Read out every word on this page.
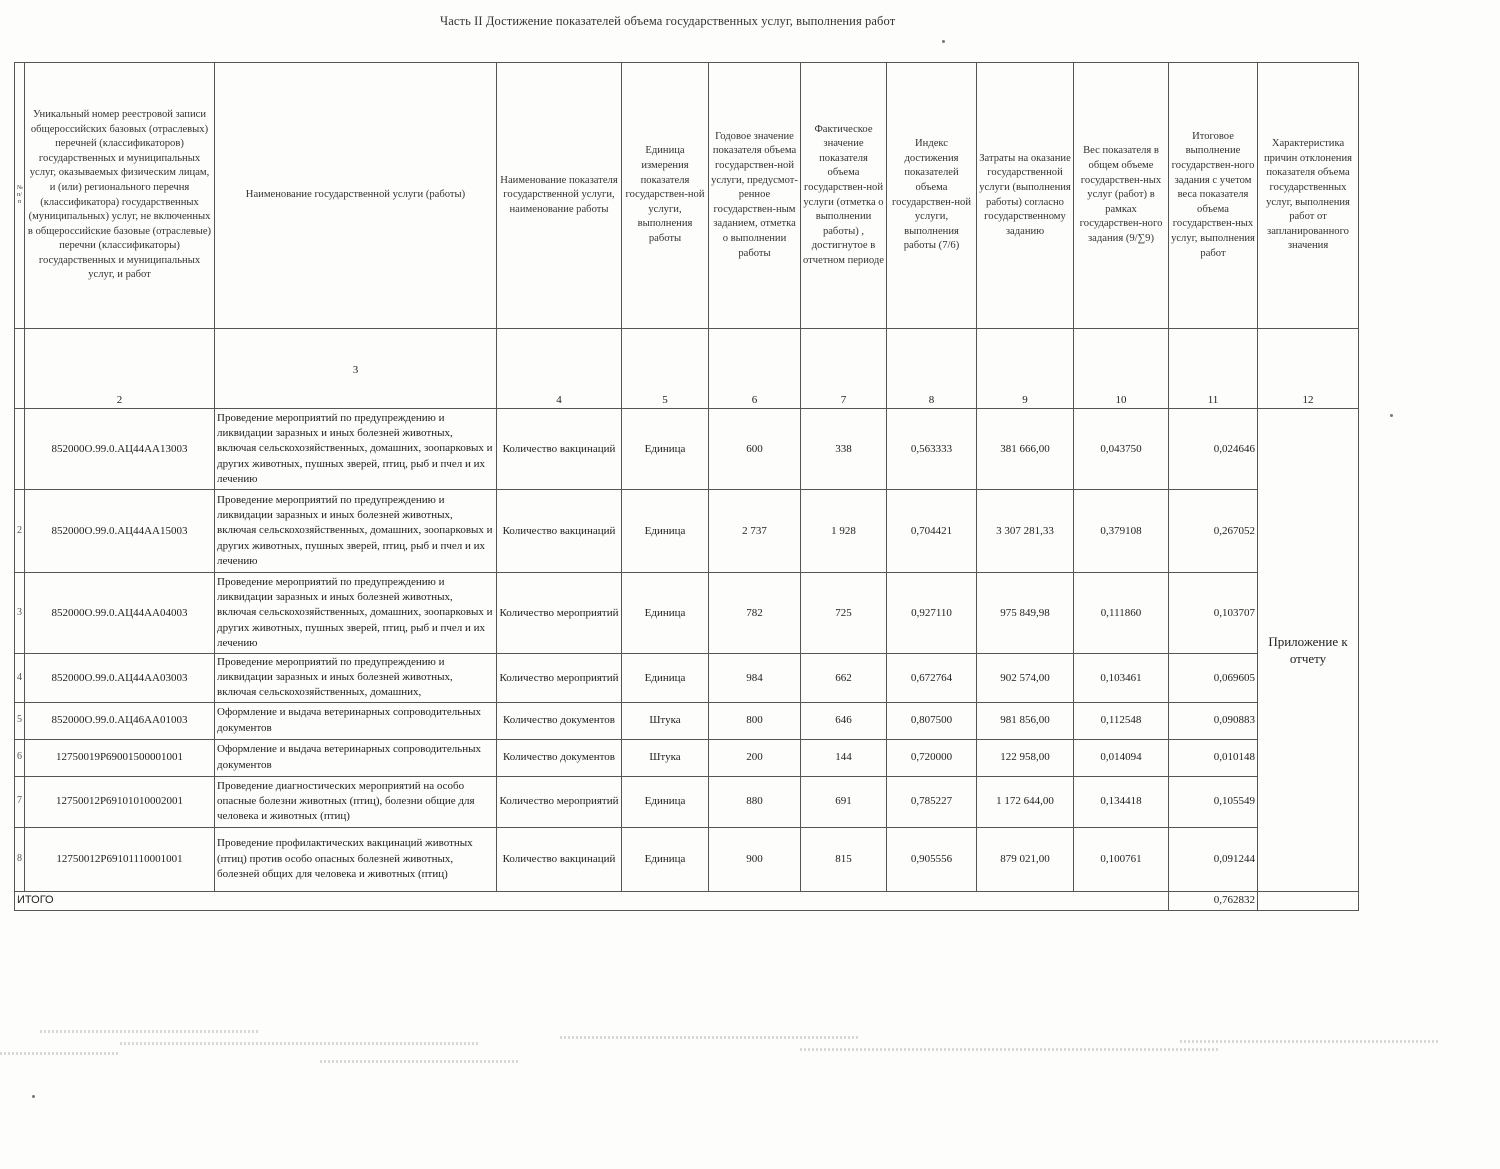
Часть II Достижение показателей объема государственных услуг, выполнения работ
№ п/п	Уникальный номер реестровой записи общероссийских базовых (отраслевых) перечней (классификаторов) государственных и муниципальных услуг, оказываемых физическим лицам, и (или) регионального перечня (классификатора) государственных (муниципальных) услуг, не включенных в общероссийские базовые (отраслевые) перечни (классификаторы) государственных и муниципальных услуг, и работ	Наименование государственной услуги (работы)	Наименование показателя государственной услуги, наименование работы	Единица измерения показателя государствен-ной услуги, выполнения работы	Годовое значение показателя объема государствен-ной услуги, предусмот-ренное государствен-ным заданием, отметка о выполнении работы	Фактическое значение показателя объема государствен-ной услуги (отметка о выполнении работы) , достигнутое в отчетном периоде	Индекс достижения показателей объема государствен-ной услуги, выполнения работы (7/6)	Затраты на оказание государственной услуги (выполнения работы) согласно государственному заданию	Вес показателя в общем объеме государствен-ных услуг (работ) в рамках государствен-ного задания (9/∑9)	Итоговое выполнение государствен-ного задания с учетом веса показателя объема государствен-ных услуг, выполнения работ	Характеристика причин отклонения показателя объема государственных услуг, выполнения работ от запланированного значения
	2	3	4	5	6	7	8	9	10	11	12
	852000О.99.0.АЦ44АА13003	Проведение мероприятий по предупреждению и ликвидации заразных и иных болезней животных, включая сельскохозяйственных, домашних, зоопарковых и других животных, пушных зверей, птиц, рыб и пчел и их лечению	Количество вакцинаций	Единица	600	338	0,563333	381 666,00	0,043750	0,024646	Приложение к отчету
2	852000О.99.0.АЦ44АА15003	Проведение мероприятий по предупреждению и ликвидации заразных и иных болезней животных, включая сельскохозяйственных, домашних, зоопарковых и других животных, пушных зверей, птиц, рыб и пчел и их лечению	Количество вакцинаций	Единица	2 737	1 928	0,704421	3 307 281,33	0,379108	0,267052	
3	852000О.99.0.АЦ44АА04003	Проведение мероприятий по предупреждению и ликвидации заразных и иных болезней животных, включая сельскохозяйственных, домашних, зоопарковых и других животных, пушных зверей, птиц, рыб и пчел и их лечению	Количество мероприятий	Единица	782	725	0,927110	975 849,98	0,111860	0,103707	
4	852000О.99.0.АЦ44АА03003	Проведение мероприятий по предупреждению и ликвидации заразных и иных болезней животных, включая сельскохозяйственных, домашних,	Количество мероприятий	Единица	984	662	0,672764	902 574,00	0,103461	0,069605	
5	852000О.99.0.АЦ46АА01003	Оформление и выдача ветеринарных сопроводительных документов	Количество документов	Штука	800	646	0,807500	981 856,00	0,112548	0,090883	
6	12750019Р69001500001001	Оформление и выдача ветеринарных сопроводительных документов	Количество документов	Штука	200	144	0,720000	122 958,00	0,014094	0,010148	
7	12750012Р69101010002001	Проведение диагностических мероприятий на особо опасные болезни животных (птиц), болезни общие для человека и животных (птиц)	Количество мероприятий	Единица	880	691	0,785227	1 172 644,00	0,134418	0,105549	
8	12750012Р69101110001001	Проведение профилактических вакцинаций животных (птиц) против особо опасных болезней животных, болезней общих для человека и животных (птиц)	Количество вакцинаций	Единица	900	815	0,905556	879 021,00	0,100761	0,091244	
ИТОГО										0,762832	
